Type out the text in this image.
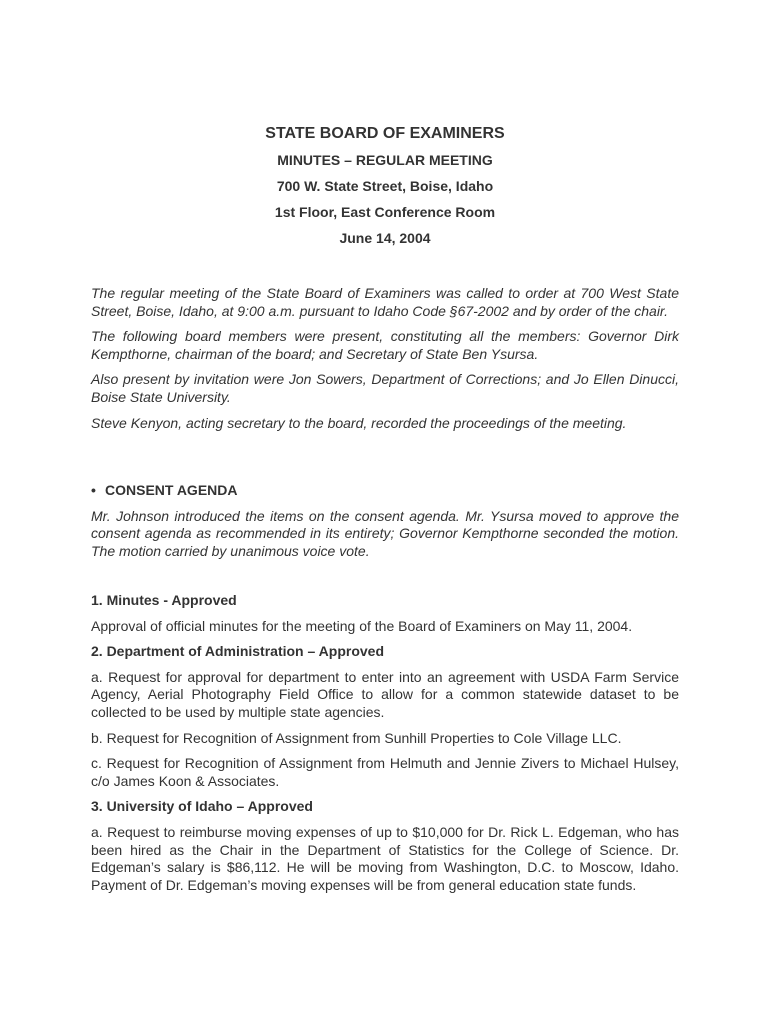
STATE BOARD OF EXAMINERS
MINUTES – REGULAR MEETING
700 W. State Street, Boise, Idaho
1st Floor, East Conference Room
June 14, 2004

The regular meeting of the State Board of Examiners was called to order at 700 West State Street, Boise, Idaho, at 9:00 a.m. pursuant to Idaho Code §67-2002 and by order of the chair.

The following board members were present, constituting all the members: Governor Dirk Kempthorne, chairman of the board; and Secretary of State Ben Ysursa.

Also present by invitation were Jon Sowers, Department of Corrections; and Jo Ellen Dinucci, Boise State University.

Steve Kenyon, acting secretary to the board, recorded the proceedings of the meeting.

• CONSENT AGENDA

Mr. Johnson introduced the items on the consent agenda. Mr. Ysursa moved to approve the consent agenda as recommended in its entirety; Governor Kempthorne seconded the motion. The motion carried by unanimous voice vote.

1. Minutes - Approved

Approval of official minutes for the meeting of the Board of Examiners on May 11, 2004.

2. Department of Administration – Approved

a. Request for approval for department to enter into an agreement with USDA Farm Service Agency, Aerial Photography Field Office to allow for a common statewide dataset to be collected to be used by multiple state agencies.

b. Request for Recognition of Assignment from Sunhill Properties to Cole Village LLC.

c. Request for Recognition of Assignment from Helmuth and Jennie Zivers to Michael Hulsey, c/o James Koon & Associates.

3. University of Idaho – Approved

a. Request to reimburse moving expenses of up to $10,000 for Dr. Rick L. Edgeman, who has been hired as the Chair in the Department of Statistics for the College of Science. Dr. Edgeman’s salary is $86,112. He will be moving from Washington, D.C. to Moscow, Idaho. Payment of Dr. Edgeman’s moving expenses will be from general education state funds.
